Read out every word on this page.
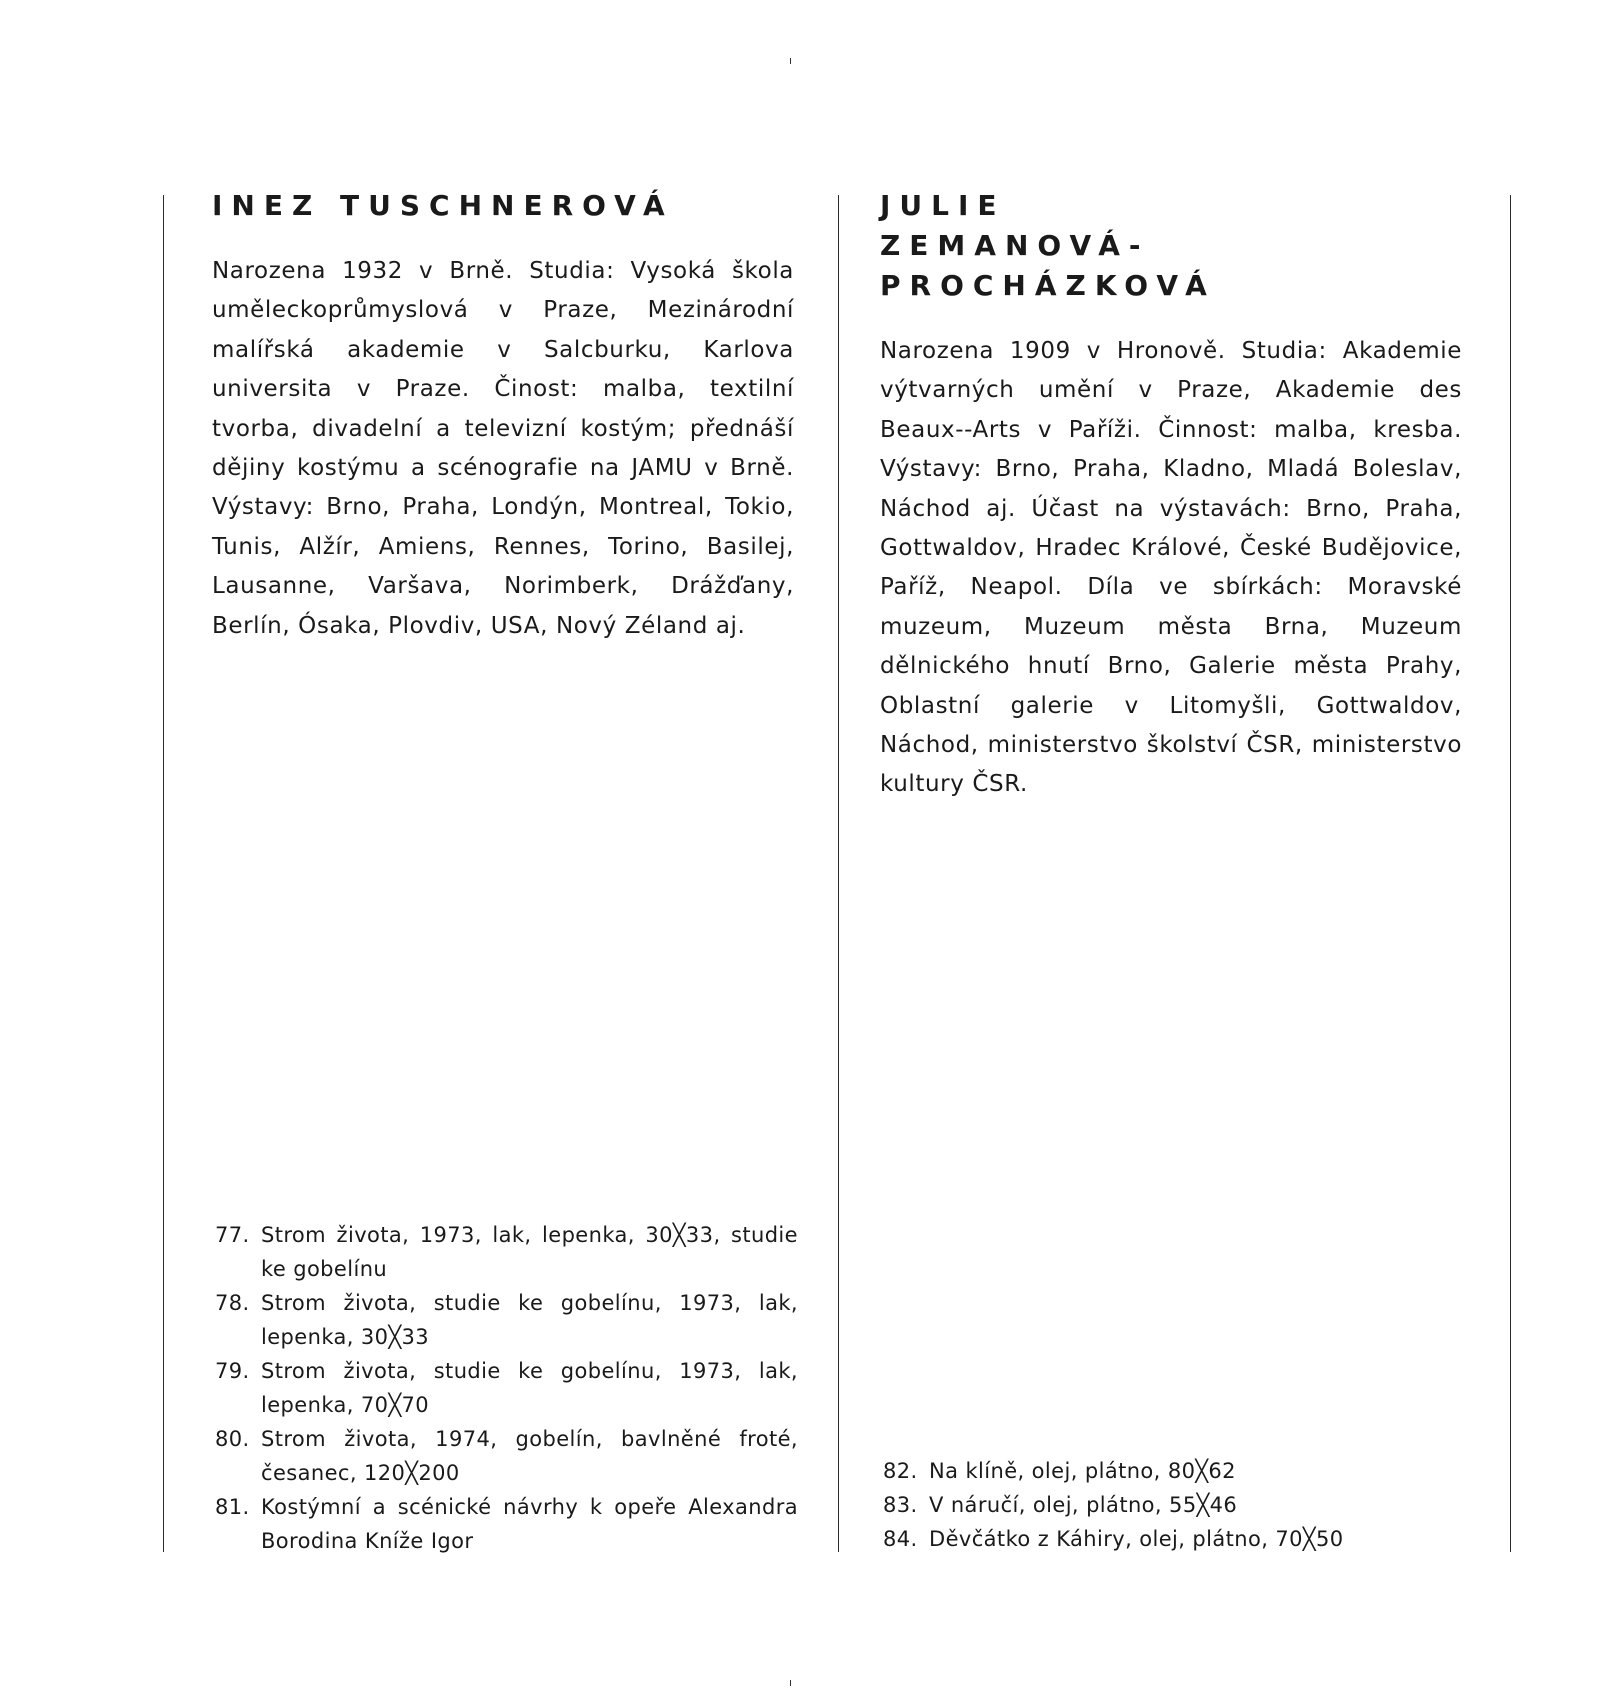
INEZ TUSCHNEROVÁ

Narozena 1932 v Brně. Studia: Vysoká škola uměleckoprůmyslová v Praze, Mezinárodní malířská akademie v Salcburku, Karlova universita v Praze. Činost: malba, textilní tvorba, divadelní a televizní kostým; přednáší dějiny kostýmu a scénografie na JAMU v Brně. Výstavy: Brno, Praha, Londýn, Montreal, Tokio, Tunis, Alžír, Amiens, Rennes, Torino, Basilej, Lausanne, Varšava, Norimberk, Drážďany, Berlín, Ósaka, Plovdiv, USA, Nový Zéland aj.

77. Strom života, 1973, lak, lepenka, 30╳33, studie ke gobelínu
78. Strom života, studie ke gobelínu, 1973, lak, lepenka, 30╳33
79. Strom života, studie ke gobelínu, 1973, lak, lepenka, 70╳70
80. Strom života, 1974, gobelín, bavlněné froté, česanec, 120╳200
81. Kostýmní a scénické návrhy k opeře Alexandra Borodina Kníže Igor
JULIE
ZEMANOVÁ-PROCHÁZKOVÁ

Narozena 1909 v Hronově. Studia: Akademie výtvarných umění v Praze, Akademie des Beaux--Arts v Paříži. Činnost: malba, kresba. Výstavy: Brno, Praha, Kladno, Mladá Boleslav, Náchod aj. Účast na výstavách: Brno, Praha, Gottwaldov, Hradec Králové, České Budějovice, Paříž, Neapol. Díla ve sbírkách: Moravské muzeum, Muzeum města Brna, Muzeum dělnického hnutí Brno, Galerie města Prahy, Oblastní galerie v Litomyšli, Gottwaldov, Náchod, ministerstvo školství ČSR, ministerstvo kultury ČSR.

82. Na klíně, olej, plátno, 80╳62
83. V náručí, olej, plátno, 55╳46
84. Děvčátko z Káhiry, olej, plátno, 70╳50
